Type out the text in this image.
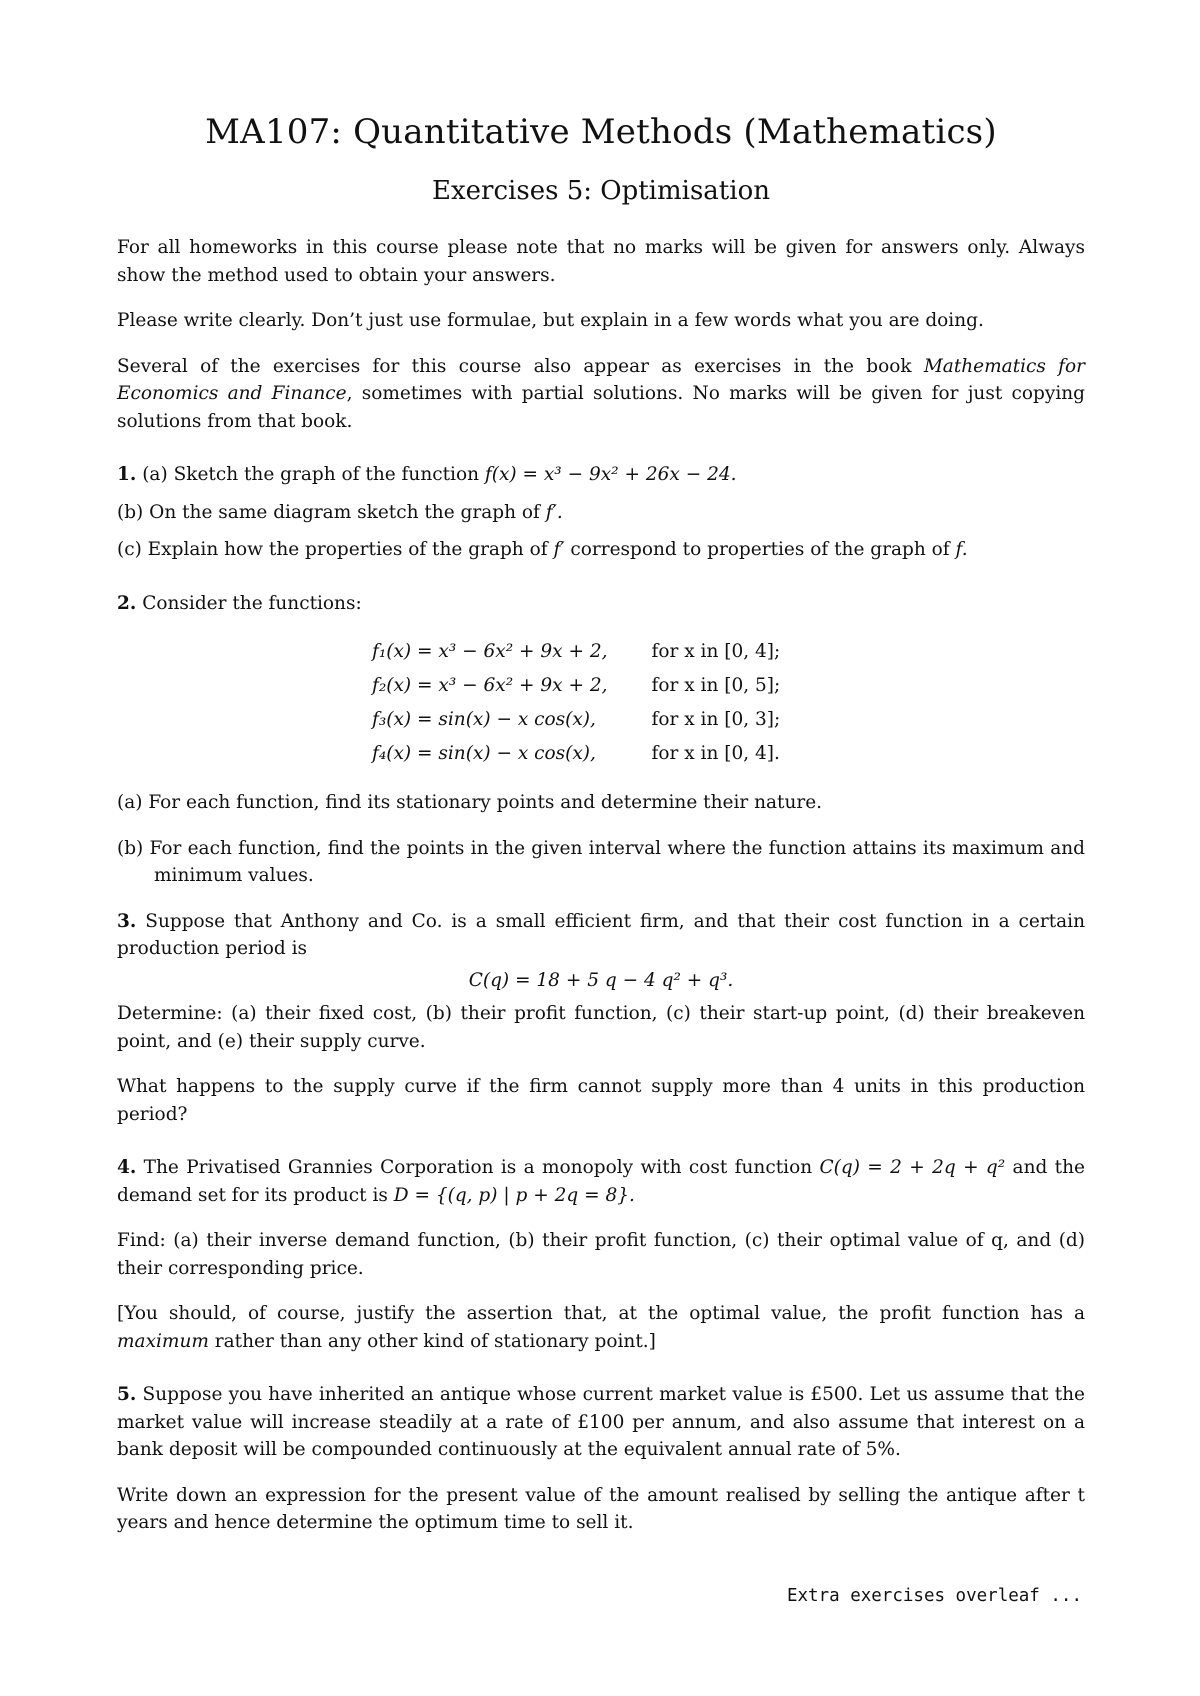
MA107: Quantitative Methods (Mathematics)
Exercises 5: Optimisation

For all homeworks in this course please note that no marks will be given for answers only. Always show the method used to obtain your answers.

Please write clearly. Don’t just use formulae, but explain in a few words what you are doing.

Several of the exercises for this course also appear as exercises in the book Mathematics for Economics and Finance, sometimes with partial solutions. No marks will be given for just copying solutions from that book.

1. (a) Sketch the graph of the function f(x) = x³ − 9x² + 26x − 24.

(b) On the same diagram sketch the graph of f′.

(c) Explain how the properties of the graph of f′ correspond to properties of the graph of f.

2. Consider the functions:

f₁(x) = x³ − 6x² + 9x + 2,	for x in [0, 4];
f₂(x) = x³ − 6x² + 9x + 2,	for x in [0, 5];
f₃(x) = sin(x) − x cos(x),	for x in [0, 3];
f₄(x) = sin(x) − x cos(x),	for x in [0, 4].
(a) For each function, find its stationary points and determine their nature.
(b) For each function, find the points in the given interval where the function attains its maximum and minimum values.

3. Suppose that Anthony and Co. is a small efficient firm, and that their cost function in a certain production period is

C(q) = 18 + 5 q − 4 q² + q³.

Determine: (a) their fixed cost, (b) their profit function, (c) their start-up point, (d) their breakeven point, and (e) their supply curve.

What happens to the supply curve if the firm cannot supply more than 4 units in this production period?

4. The Privatised Grannies Corporation is a monopoly with cost function C(q) = 2 + 2q + q² and the demand set for its product is D = {(q, p) | p + 2q = 8}.

Find: (a) their inverse demand function, (b) their profit function, (c) their optimal value of q, and (d) their corresponding price.

[You should, of course, justify the assertion that, at the optimal value, the profit function has a maximum rather than any other kind of stationary point.]

5. Suppose you have inherited an antique whose current market value is £500. Let us assume that the market value will increase steadily at a rate of £100 per annum, and also assume that interest on a bank deposit will be compounded continuously at the equivalent annual rate of 5%.

Write down an expression for the present value of the amount realised by selling the antique after t years and hence determine the optimum time to sell it.

Extra exercises overleaf ...
